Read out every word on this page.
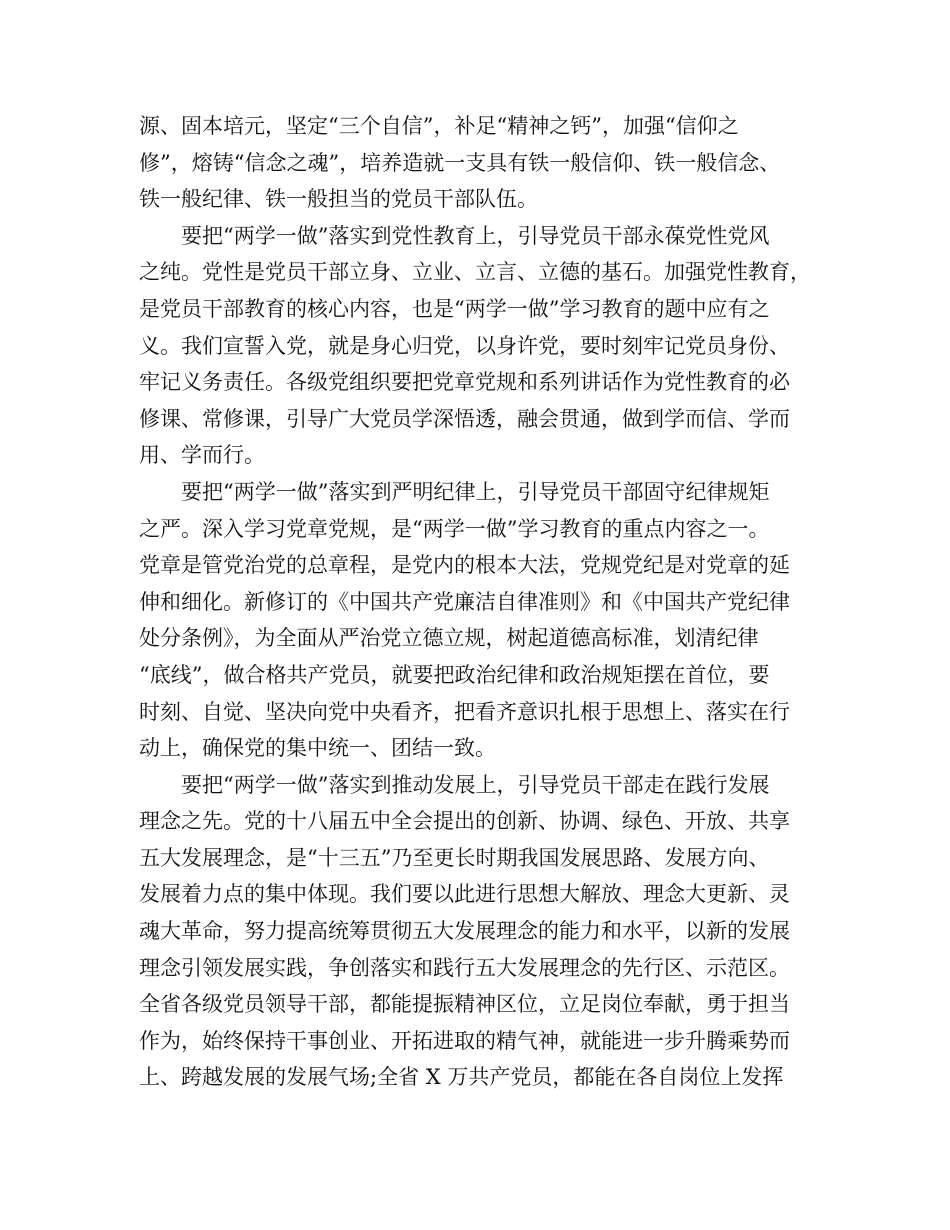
源、固本培元，坚定“三个自信”，补足“精神之钙”，加强“信仰之
修”，熔铸“信念之魂”，培养造就一支具有铁一般信仰、铁一般信念、
铁一般纪律、铁一般担当的党员干部队伍。
要把“两学一做”落实到党性教育上，引导党员干部永葆党性党风
之纯。党性是党员干部立身、立业、立言、立德的基石。加强党性教育，
是党员干部教育的核心内容，也是“两学一做”学习教育的题中应有之
义。我们宣誓入党，就是身心归党，以身许党，要时刻牢记党员身份、
牢记义务责任。各级党组织要把党章党规和系列讲话作为党性教育的必
修课、常修课，引导广大党员学深悟透，融会贯通，做到学而信、学而
用、学而行。
要把“两学一做”落实到严明纪律上，引导党员干部固守纪律规矩
之严。深入学习党章党规，是“两学一做”学习教育的重点内容之一。
党章是管党治党的总章程，是党内的根本大法，党规党纪是对党章的延
伸和细化。新修订的《中国共产党廉洁自律准则》和《中国共产党纪律
处分条例》，为全面从严治党立德立规，树起道德高标准，划清纪律
“底线”，做合格共产党员，就要把政治纪律和政治规矩摆在首位，要
时刻、自觉、坚决向党中央看齐，把看齐意识扎根于思想上、落实在行
动上，确保党的集中统一、团结一致。
要把“两学一做”落实到推动发展上，引导党员干部走在践行发展
理念之先。党的十八届五中全会提出的创新、协调、绿色、开放、共享
五大发展理念，是“十三五”乃至更长时期我国发展思路、发展方向、
发展着力点的集中体现。我们要以此进行思想大解放、理念大更新、灵
魂大革命，努力提高统筹贯彻五大发展理念的能力和水平，以新的发展
理念引领发展实践，争创落实和践行五大发展理念的先行区、示范区。
全省各级党员领导干部，都能提振精神区位，立足岗位奉献，勇于担当
作为，始终保持干事创业、开拓进取的精气神，就能进一步升腾乘势而
上、跨越发展的发展气场;全省 X 万共产党员，都能在各自岗位上发挥
